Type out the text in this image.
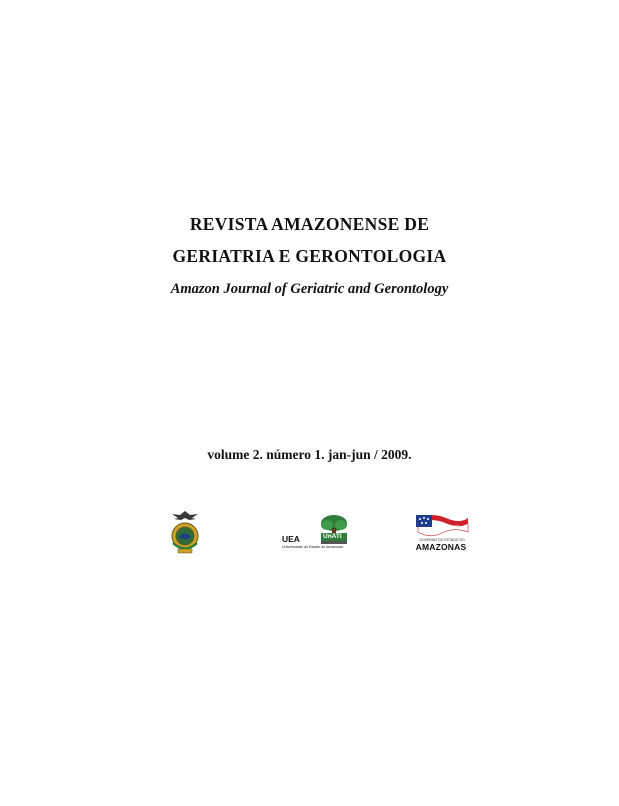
REVISTA AMAZONENSE DE
GERIATRIA E GERONTOLOGIA
Amazon Journal of Geriatric and Gerontology
volume 2. número 1. jan-jun / 2009.
UEA	UnATI
Universidade do Estado do Amazonas
GOVERNO DO ESTADO DO
AMAZONAS
